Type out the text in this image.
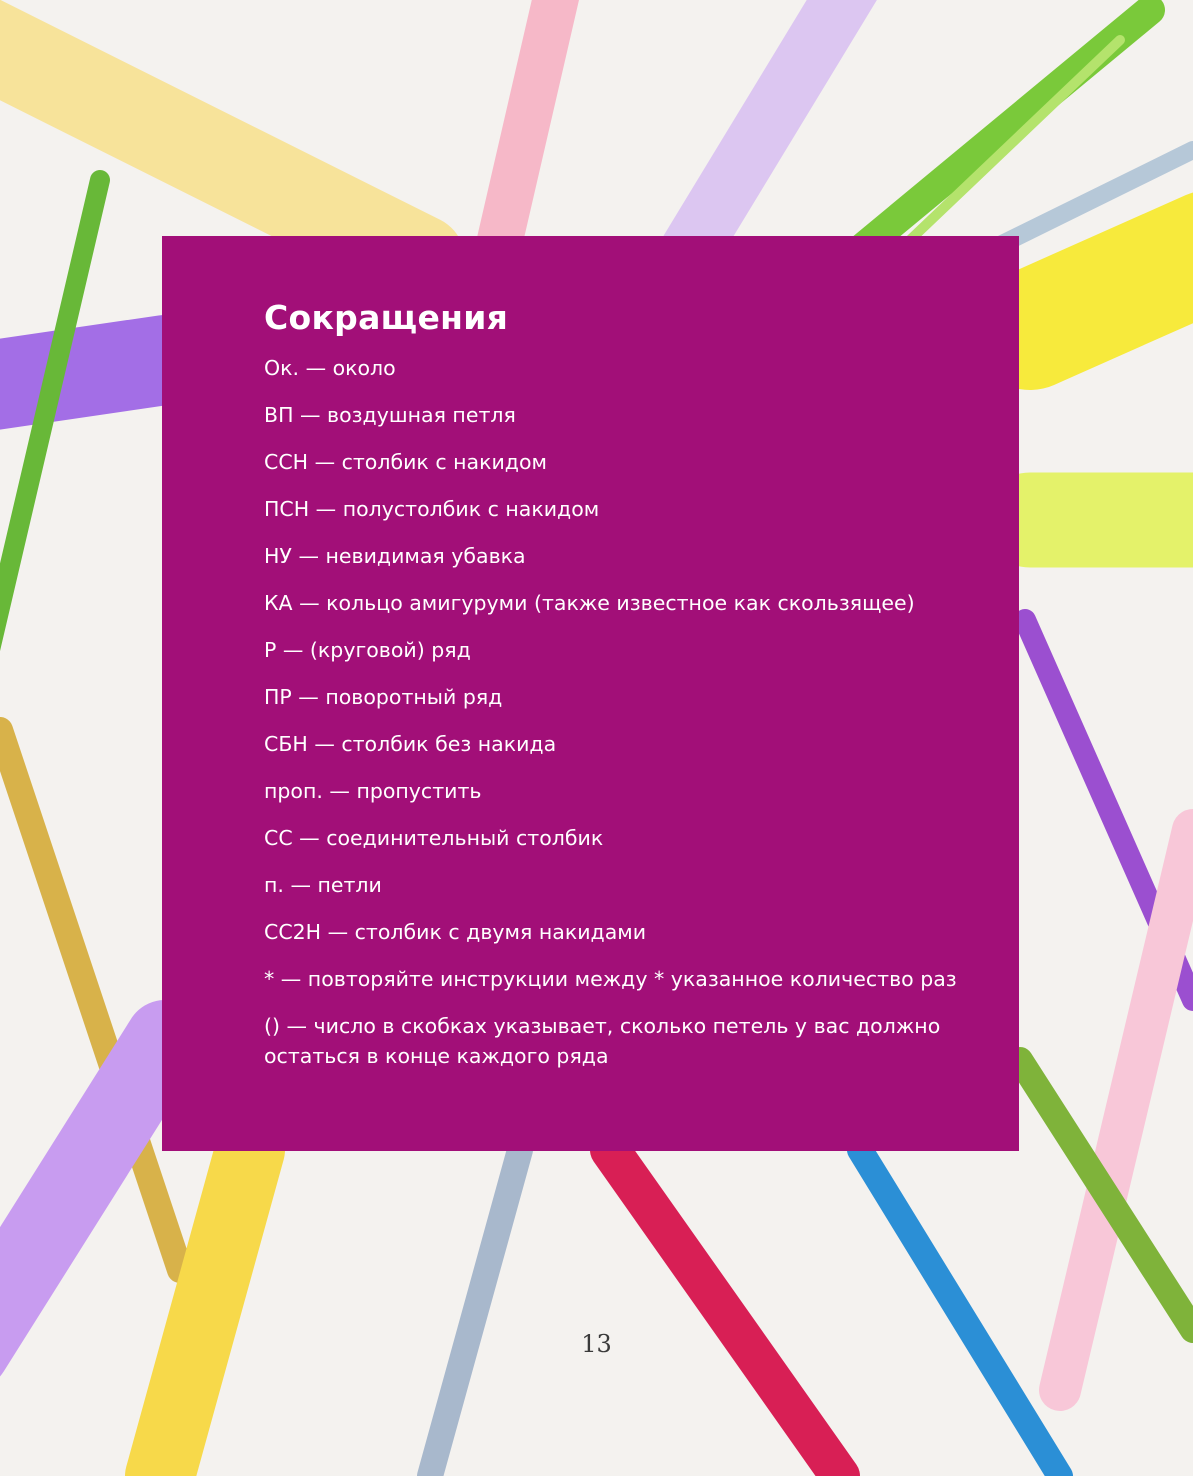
Сокращения
Ок. — около
ВП — воздушная петля
ССН — столбик с накидом
ПСН — полустолбик с накидом
НУ — невидимая убавка
КА — кольцо амигуруми (также известное как скользящее)
Р — (круговой) ряд
ПР — поворотный ряд
СБН — столбик без накида
проп. — пропустить
СС — соединительный столбик
п. — петли
СС2Н — столбик с двумя накидами
* — повторяйте инструкции между * указанное количество раз
() — число в скобках указывает, сколько петель у вас должно остаться в конце каждого ряда
13
